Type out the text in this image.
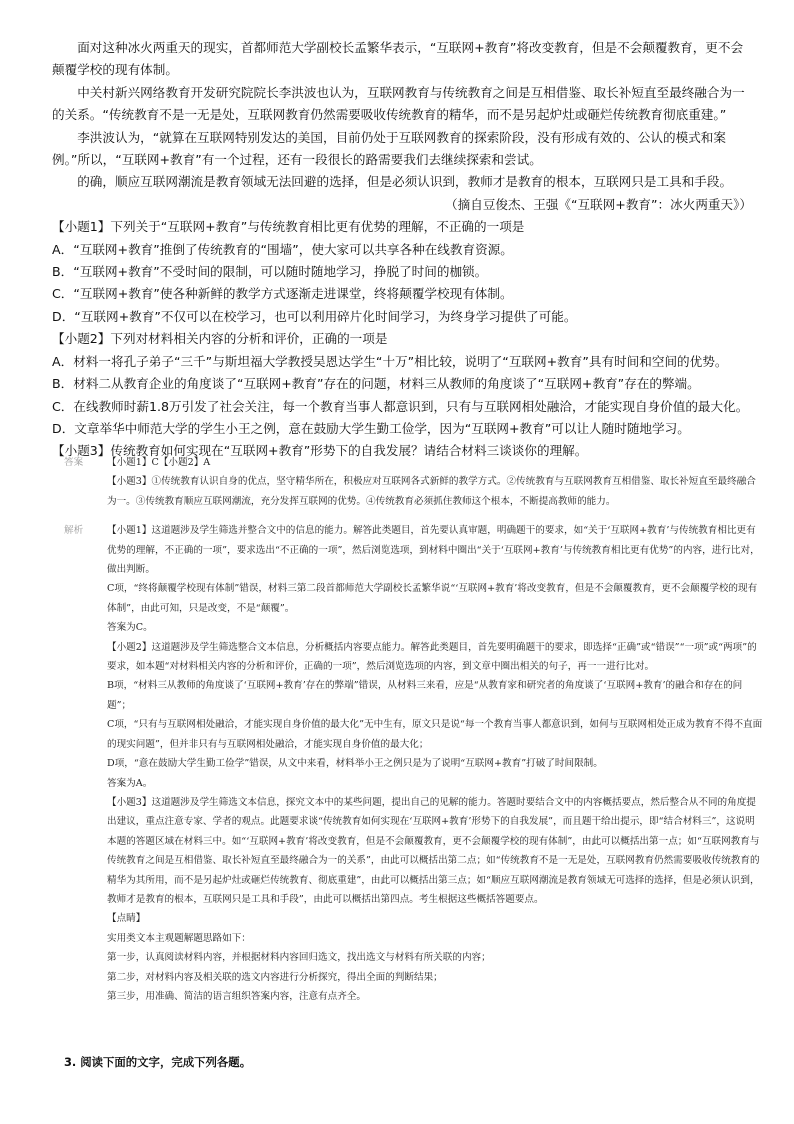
面对这种冰火两重天的现实，首都师范大学副校长孟繁华表示，“互联网+教育”将改变教育，但是不会颠覆教育，更不会颠覆学校的现有体制。

中关村新兴网络教育开发研究院院长李洪波也认为，互联网教育与传统教育之间是互相借鉴、取长补短直至最终融合为一的关系。“传统教育不是一无是处，互联网教育仍然需要吸收传统教育的精华，而不是另起炉灶或砸烂传统教育彻底重建。”

李洪波认为，“就算在互联网特别发达的美国，目前仍处于互联网教育的探索阶段，没有形成有效的、公认的模式和案例。”所以，“互联网+教育”有一个过程，还有一段很长的路需要我们去继续探索和尝试。

的确，顺应互联网潮流是教育领域无法回避的选择，但是必须认识到，教师才是教育的根本，互联网只是工具和手段。

（摘自豆俊杰、王强《“互联网+教育”：冰火两重天》）

【小题1】下列关于“互联网+教育”与传统教育相比更有优势的理解，不正确的一项是

A．“互联网+教育”推倒了传统教育的“围墙”，使大家可以共享各种在线教育资源。

B．“互联网+教育”不受时间的限制，可以随时随地学习，挣脱了时间的枷锁。

C．“互联网+教育”使各种新鲜的教学方式逐渐走进课堂，终将颠覆学校现有体制。

D．“互联网+教育”不仅可以在校学习，也可以利用碎片化时间学习，为终身学习提供了可能。

【小题2】下列对材料相关内容的分析和评价，正确的一项是

A．材料一将孔子弟子“三千”与斯坦福大学教授吴恩达学生“十万”相比较，说明了“互联网+教育”具有时间和空间的优势。

B．材料二从教育企业的角度谈了“互联网+教育”存在的问题，材料三从教师的角度谈了“互联网+教育”存在的弊端。

C．在线教师时薪1.8万引发了社会关注，每一个教育当事人都意识到，只有与互联网相处融洽，才能实现自身价值的最大化。

D．文章举华中师范大学的学生小王之例，意在鼓励大学生勤工俭学，因为“互联网+教育”可以让人随时随地学习。

【小题3】传统教育如何实现在“互联网+教育”形势下的自我发展？请结合材料三谈谈你的理解。

答案	【小题1】C【小题2】A

【小题3】①传统教育认识自身的优点，坚守精华所在，积极应对互联网各式新鲜的教学方式。②传统教育与互联网教育互相借鉴、取长补短直至最终融合为一。③传统教育顺应互联网潮流，充分发挥互联网的优势。④传统教育必须抓住教师这个根本，不断提高教师的能力。

解析	【小题1】这道题涉及学生筛选并整合文中的信息的能力。解答此类题目，首先要认真审题，明确题干的要求，如“关于‘互联网+教育’与传统教育相比更有优势的理解，不正确的一项”，要求选出“不正确的一项”，然后浏览选项，到材料中圈出“关于‘互联网+教育’与传统教育相比更有优势”的内容，进行比对，做出判断。

C项，“终将颠覆学校现有体制”错误，材料三第二段首都师范大学副校长孟繁华说“‘互联网+教育’将改变教育，但是不会颠覆教育，更不会颠覆学校的现有体制”，由此可知，只是改变，不是“颠覆”。

答案为C。

【小题2】这道题涉及学生筛选整合文本信息，分析概括内容要点能力。解答此类题目，首先要明确题干的要求，即选择“正确”或“错误”“一项”或“两项”的要求，如本题“对材料相关内容的分析和评价，正确的一项”，然后浏览选项的内容，到文章中圈出相关的句子，再一一进行比对。

B项，“材料三从教师的角度谈了‘互联网+教育’存在的弊端”错误，从材料三来看，应是“从教育家和研究者的角度谈了‘互联网+教育’的融合和存在的问题”；

C项，“只有与互联网相处融洽，才能实现自身价值的最大化”无中生有，原文只是说“每一个教育当事人都意识到，如何与互联网相处正成为教育不得不直面的现实问题”，但并非只有与互联网相处融洽，才能实现自身价值的最大化；

D项，“意在鼓励大学生勤工俭学”错误，从文中来看，材料举小王之例只是为了说明“互联网+教育”打破了时间限制。

答案为A。

【小题3】这道题涉及学生筛选文本信息，探究文本中的某些问题，提出自己的见解的能力。答题时要结合文中的内容概括要点，然后整合从不同的角度提出建议，重点注意专家、学者的观点。此题要求谈“传统教育如何实现在‘互联网+教育’形势下的自我发展”，而且题干给出提示，即“结合材料三”，这说明本题的答题区域在材料三中。如“‘互联网+教育’将改变教育，但是不会颠覆教育，更不会颠覆学校的现有体制”，由此可以概括出第一点；如“互联网教育与传统教育之间是互相借鉴、取长补短直至最终融合为一的关系”，由此可以概括出第二点；如“传统教育不是一无是处，互联网教育仍然需要吸收传统教育的精华为其所用，而不是另起炉灶或砸烂传统教育、彻底重建”，由此可以概括出第三点；如“顺应互联网潮流是教育领域无可选择的选择，但是必须认识到，教师才是教育的根本，互联网只是工具和手段”，由此可以概括出第四点。考生根据这些概括答题要点。

【点睛】

实用类文本主观题解题思路如下：

第一步，认真阅读材料内容，并根据材料内容回归选文，找出选文与材料有所关联的内容；

第二步，对材料内容及相关联的选文内容进行分析探究，得出全面的判断结果；

第三步，用准确、简洁的语言组织答案内容，注意有点齐全。

3. 阅读下面的文字，完成下列各题。
